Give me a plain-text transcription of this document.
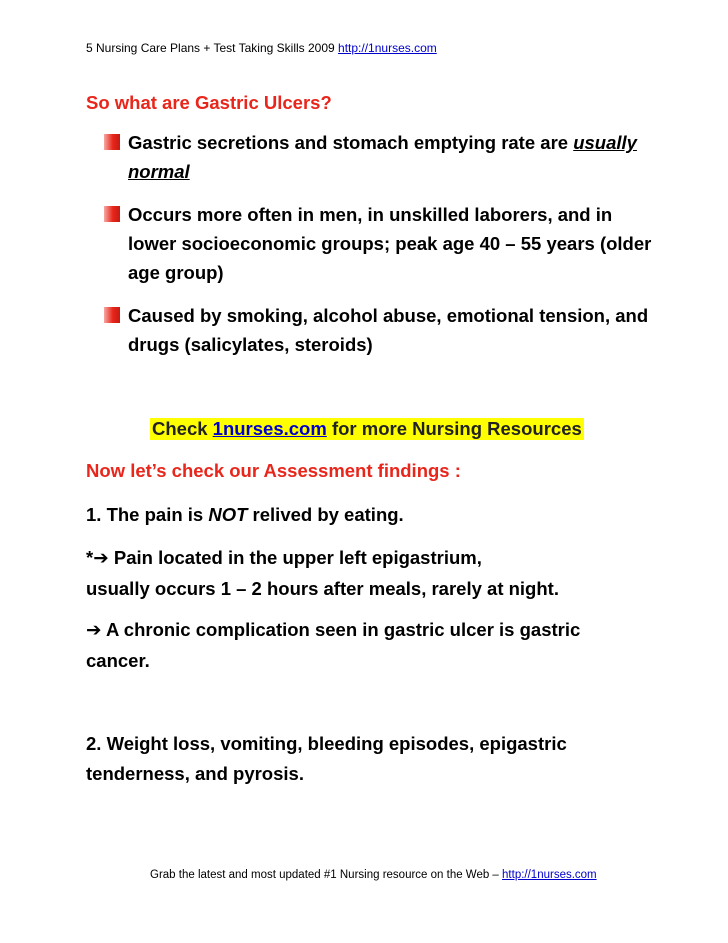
5 Nursing Care Plans + Test Taking Skills 2009 http://1nurses.com
So what are Gastric Ulcers?
Gastric secretions and stomach emptying rate are usually
normal
Occurs more often in men, in unskilled laborers, and in lower socioeconomic groups; peak age 40 – 55 years (older age group)
Caused by smoking, alcohol abuse, emotional tension, and drugs (salicylates, steroids)
Check 1nurses.com for more Nursing Resources
Now let’s check our Assessment findings :
1. The pain is NOT relived by eating.
*➔ Pain located in the upper left epigastrium,
usually occurs 1 – 2 hours after meals, rarely at night.
➔ A chronic complication seen in gastric ulcer is gastric cancer.
2. Weight loss, vomiting, bleeding episodes, epigastric tenderness, and pyrosis.
Grab the latest and most updated #1 Nursing resource on the Web – http://1nurses.com
